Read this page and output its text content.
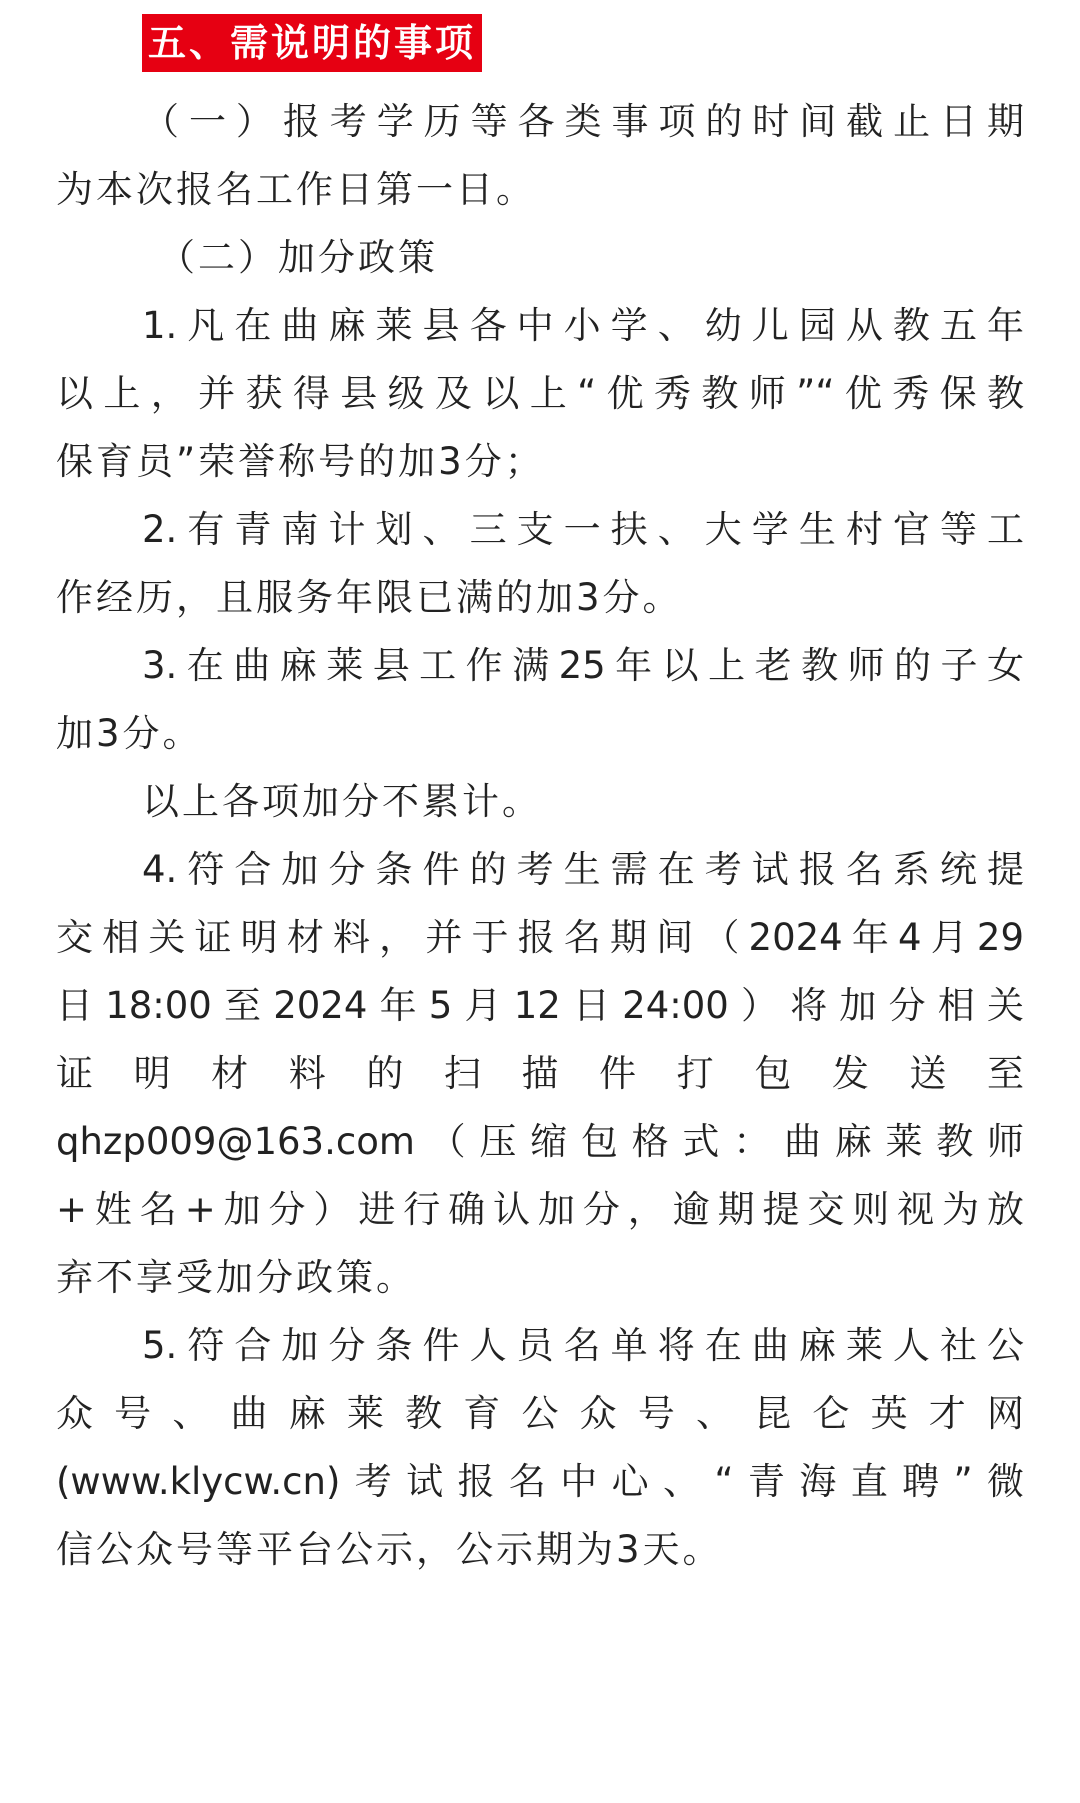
五、需说明的事项
（一）报考学历等各类事项的时间截止日期
为本次报名工作日第一日。
（二）加分政策
1.凡在曲麻莱县各中小学、幼儿园从教五年
以上，并获得县级及以上“优秀教师”“优秀保教
保育员”荣誉称号的加3分；
2.有青南计划、三支一扶、大学生村官等工
作经历，且服务年限已满的加3分。
3.在曲麻莱县工作满25年以上老教师的子女
加3分。
以上各项加分不累计。
4.符合加分条件的考生需在考试报名系统提
交相关证明材料，并于报名期间（2024年4月29
日18:00至2024年5月12日24:00）将加分相关
证明材料的扫描件打包发送至
qhzp009@163.com（压缩包格式：曲麻莱教师
+姓名+加分）进行确认加分，逾期提交则视为放
弃不享受加分政策。
5.符合加分条件人员名单将在曲麻莱人社公
众号、曲麻莱教育公众号、昆仑英才网
(www.klycw.cn)考试报名中心、“青海直聘”微
信公众号等平台公示，公示期为3天。
